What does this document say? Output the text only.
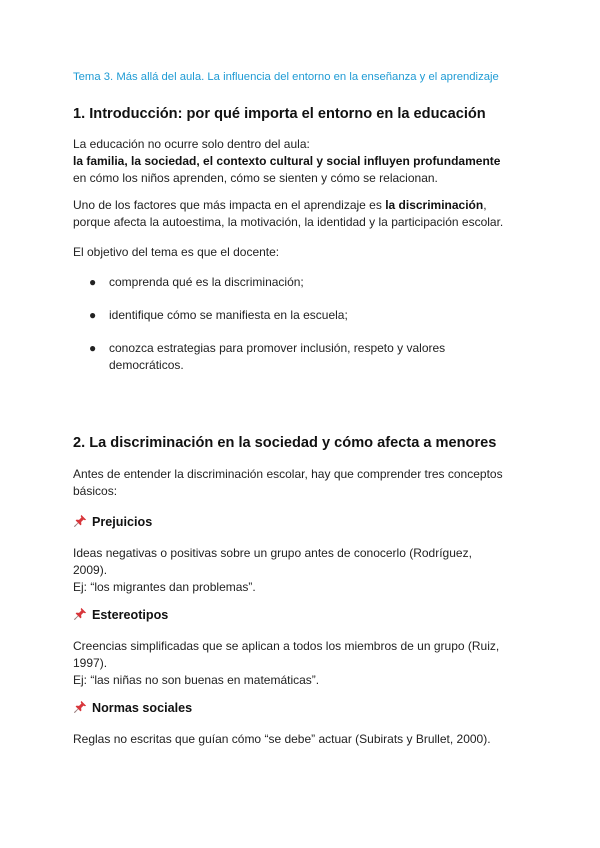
Tema 3. Más allá del aula. La influencia del entorno en la enseñanza y el aprendizaje
1. Introducción: por qué importa el entorno en la educación

La educación no ocurre solo dentro del aula:
la familia, la sociedad, el contexto cultural y social influyen profundamente
en cómo los niños aprenden, cómo se sienten y cómo se relacionan.

Uno de los factores que más impacta en el aprendizaje es la discriminación,
porque afecta la autoestima, la motivación, la identidad y la participación escolar.

El objetivo del tema es que el docente:

● comprenda qué es la discriminación;
● identifique cómo se manifiesta en la escuela;
● conozca estrategias para promover inclusión, respeto y valores
democráticos.
2. La discriminación en la sociedad y cómo afecta a menores

Antes de entender la discriminación escolar, hay que comprender tres conceptos
básicos:

Prejuicios

Ideas negativas o positivas sobre un grupo antes de conocerlo (Rodríguez,
2009).
Ej: “los migrantes dan problemas”.

Estereotipos

Creencias simplificadas que se aplican a todos los miembros de un grupo (Ruiz,
1997).
Ej: “las niñas no son buenas en matemáticas”.

Normas sociales

Reglas no escritas que guían cómo “se debe” actuar (Subirats y Brullet, 2000).
